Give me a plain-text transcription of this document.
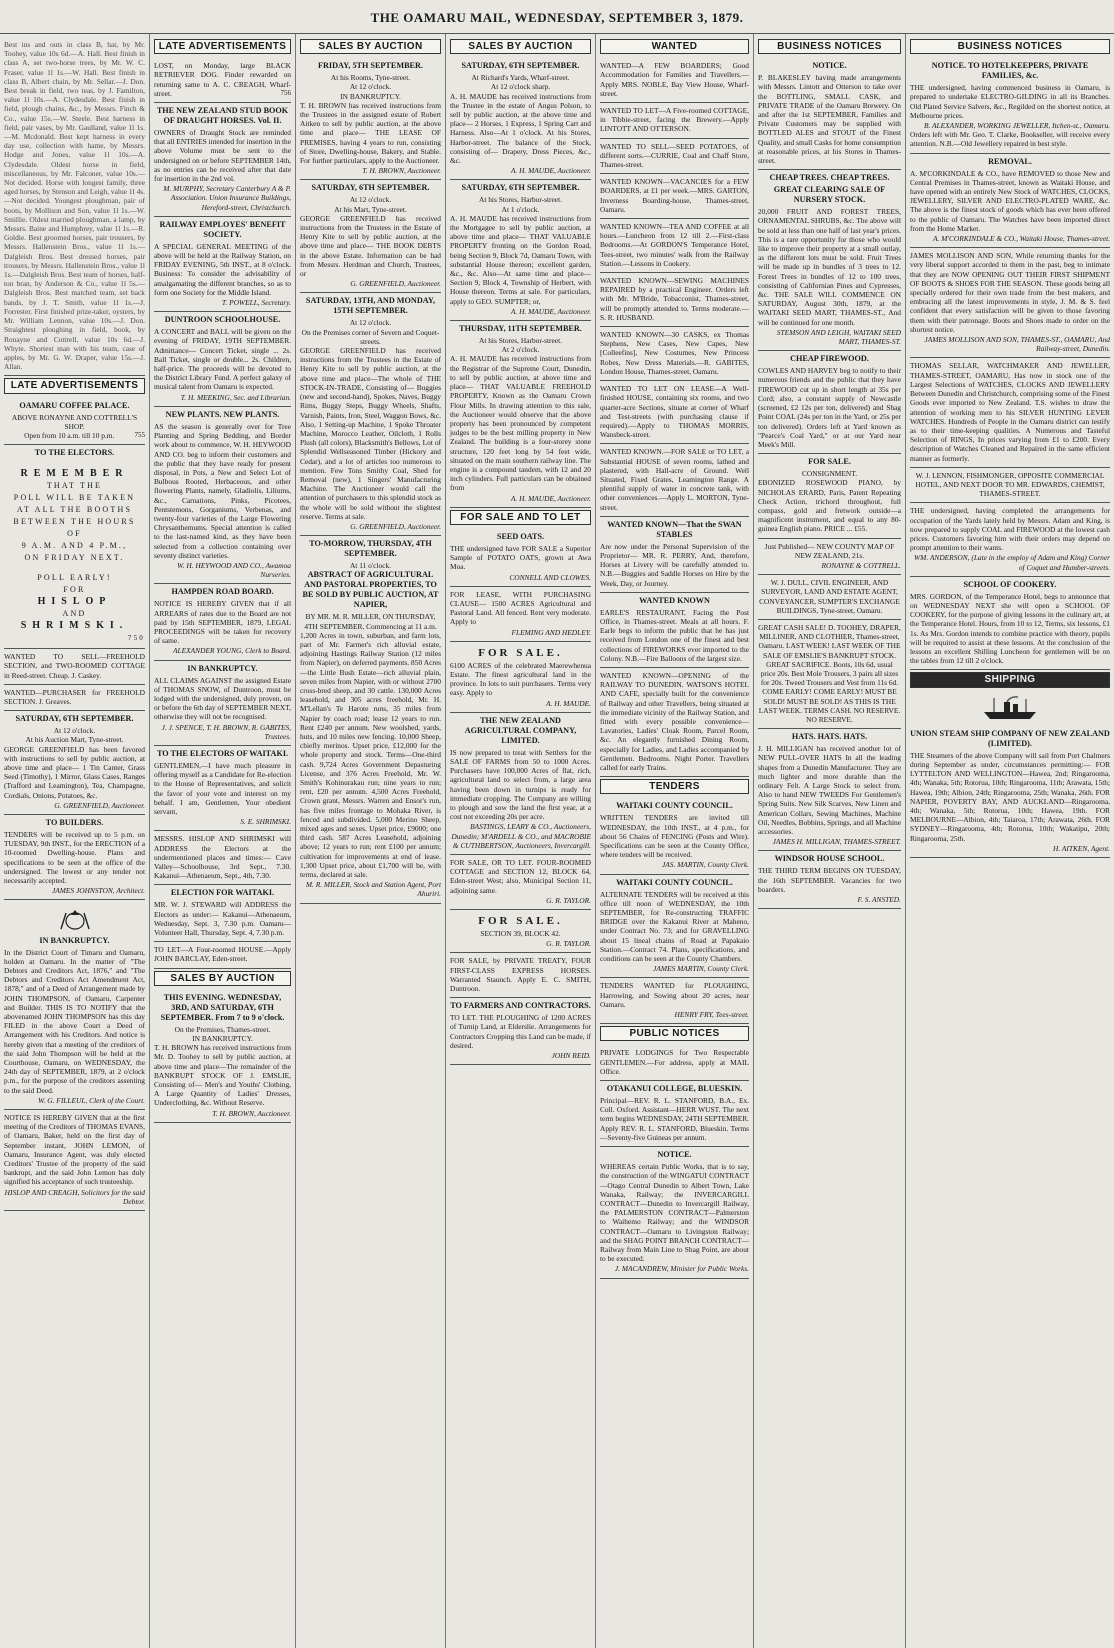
THE OAMARU MAIL, WEDNESDAY, SEPTEMBER 3, 1879.
Best ins and outs in class B, hat, by Mr. Toohey, value 10s 6d.—A. Hall. Best finish in class A, set two-horse trees, by Mr. W. C. Fraser, value 1l 1s.—W. Hall. Best finish in class B, Albert chain, by Mr. Sellar.—J. Don. Best break in field, two teas, by J. Familton, value 1l 10s.—A. Clydesdale. Best finish in field, plough chains, &c., by Messrs. Finch & Co., value 15s.—W. Steele. Best harness in field, pair vases, by Mr. Gaulland, value 1l 1s.—M. Mcdonald. Best kept harness in every day use, collection with hame, by Messrs. Hodge and Jones, value 1l 10s.—A. Clydesdale. Oldest horse in field, miscellaneous, by Mr. Falconer, value 10s.—Not decided. Horse with longest family, three aged horses, by Stenson and Leigh, value 1l 4s.—Not decided. Youngest ploughman, pair of boots, by Mollison and Son, value 1l 1s.—W. Smillie. Oldest married ploughman, a lamp, by Messrs. Baine and Humphrey, value 1l 1s.—R. Goldie. Best groomed horses, pair trousers, by Messrs. Hallenstein Bros., value 1l 1s.—Dalgleish Bros. Best dressed horses, pair trousers, by Messrs. Hallenstein Bros., value 1l 1s.—Dalgleish Bros. Best team of horses, half-ton bran, by Anderson & Co., value 1l 5s.—Dalgleish Bros. Best matched team, set back bands, by J. T. Smith, value 1l 1s.—J. Forrester. First finished prize-taker, oysters, by Mr. William Lennon, value 10s.—J. Don. Straightest ploughing in field, book, by Ronayne and Cottrell, value 10s 6d.—J. Whyte. Shortest man with his team, case of apples, by Mr. G. W. Draper, value 15s.—J. Allan.
LATE ADVERTISEMENTS
OAMARU COFFEE PALACE.
ABOVE RONAYNE AND COTTRELL'S SHOP.
Open from 10 a.m. till 10 p.m.	755
TO THE ELECTORS.
REMEMBER
THAT THE
POLL WILL BE TAKEN
AT ALL THE BOOTHS
BETWEEN THE HOURS
OF
9 A.M. AND 4 P.M.,
ON FRIDAY NEXT.
POLL EARLY!
FOR
HISLOP
AND
SHRIMSKI.
750
WANTED TO SELL—FREEHOLD SECTION, and TWO-ROOMED COTTAGE in Reed-street. Cheap. J. Caskey.
WANTED—PURCHASER for FREEHOLD SECTION. J. Greaves.
SATURDAY, 6TH SEPTEMBER.
At 12 o'clock.
At his Auction Mart, Tyne-street.
GEORGE GREENFIELD has been favored with instructions to sell by public auction, at above time and place— 1 Tin Canter, Grass Seed (Timothy), 1 Mirror, Glass Cases, Ranges (Trafford and Leamington), Tea, Champagne, Cordials, Onions, Potatoes, &c.
G. GREENFIELD, Auctioneer.
TO BUILDERS.
TENDERS will be received up to 5 p.m. on TUESDAY, 9th INST., for the ERECTION of a 10-roomed Dwelling-house. Plans and specifications to be seen at the office of the undersigned. The lowest or any tender not necessarily accepted.
JAMES JOHNSTON, Architect.
IN BANKRUPTCY.
In the District Court of Timaru and Oamaru, holden at Oamaru. In the matter of "The Debtors and Creditors Act, 1876," and "The Debtors and Creditors Act Amendment Act, 1878," and of a Deed of Arrangement made by JOHN THOMPSON, of Oamaru, Carpenter and Builder. THIS IS TO NOTIFY that the abovenamed JOHN THOMPSON has this day FILED in the above Court a Deed of Arrangement with his Creditors. And notice is hereby given that a meeting of the creditors of the said John Thompson will be held at the Courthouse, Oamaru, on WEDNESDAY, the 24th day of SEPTEMBER, 1879, at 2 o'clock p.m., for the purpose of the creditors assenting to the said Deed.
W. G. FILLEUL, Clerk of the Court.
NOTICE IS HEREBY GIVEN that at the first meeting of the Creditors of THOMAS EVANS, of Oamaru, Baker, held on the first day of September instant, JOHN LEMON, of Oamaru, Insurance Agent, was duly elected Creditors' Trustee of the property of the said bankrupt, and the said John Lemon has duly signified his acceptance of such trusteeship.
HISLOP AND CREAGH, Solicitors for the said Debtor.
LATE ADVERTISEMENTS
LOST, on Monday, large BLACK RETRIEVER DOG. Finder rewarded on returning same to A. C. CREAGH, Wharf-street.	756
THE NEW ZEALAND STUD BOOK OF DRAUGHT HORSES. Vol. II.
OWNERS of Draught Stock are reminded that all ENTRIES intended for insertion in the above Volume must be sent to the undersigned on or before SEPTEMBER 14th, as no entries can be received after that date for insertion in the 2nd vol.
M. MURPHY, Secretary Canterbury A & P. Association. Union Insurance Buildings, Hereford-street, Christchurch.
RAILWAY EMPLOYES' BENEFIT SOCIETY.
A SPECIAL GENERAL MEETING of the above will be held at the Railway Station, on FRIDAY EVENING, 5th INST., at 8 o'clock. Business: To consider the advisability of amalgamating the different branches, so as to form one Society for the Middle Island.
T. POWELL, Secretary.
DUNTROON SCHOOLHOUSE.
A CONCERT and BALL will be given on the evening of FRIDAY, 19TH SEPTEMBER. Admittance— Concert Ticket, single ... 2s. Ball Ticket, single or double... 2s. Children, half-price. The proceeds will be devoted to the District Library Fund. A perfect galaxy of musical talent from Oamaru is expected.
T. H. MEEKING, Sec. and Librarian.
NEW PLANTS. NEW PLANTS.
AS the season is generally over for Tree Planting and Spring Bedding, and Border work about to commence, W. H. HEYWOOD AND CO. beg to inform their customers and the public that they have ready for present disposal, in Pots, a New and Select Lot of Bulbous Rooted, Herbaceous, and other flowering Plants, namely, Gladiolis, Liliums, &c., Carnations, Pinks, Picotees, Pentstemons, Gorganiums, Verbenas, and twenty-four varieties of the Large Flowering Chrysanthemums. Special attention is called to the last-named kind, as they have been selected from a collection containing over seventy distinct varieties.
W. H. HEYWOOD AND CO., Awamoa Nurseries.
HAMPDEN ROAD BOARD.
NOTICE IS HEREBY GIVEN that if all ARREARS of rates due to the Board are not paid by 15th SEPTEMBER, 1879, LEGAL PROCEEDINGS will be taken for recovery of same.
ALEXANDER YOUNG, Clerk to Board.
IN BANKRUPTCY.
ALL CLAIMS AGAINST the assigned Estate of THOMAS SNOW, of Duntroon, must be lodged with the undersigned, duly proven, on or before the 6th day of SEPTEMBER NEXT, otherwise they will not be recognised.
J. J. SPENCE, T. H. BROWN, R. GABITES, Trustees.
TO THE ELECTORS OF WAITAKI.
GENTLEMEN,—I have much pleasure in offering myself as a Candidate for Re-election to the House of Representatives, and solicit the favor of your vote and interest on my behalf. I am, Gentlemen, Your obedient servant,
S. E. SHRIMSKI.
MESSRS. HISLOP AND SHRIMSKI will ADDRESS the Electors at the undermentioned places and times:— Cave Valley—Schoolhouse, 3rd Sept., 7.30. Kakanui—Athenaeum, Sept., 4th, 7.30.
ELECTION FOR WAITAKI.
MR. W. J. STEWARD will ADDRESS the Electors as under:— Kakanui—Athenaeum, Wednesday, Sept. 3, 7.30 p.m. Oamaru—Volunteer Hall, Thursday, Sept. 4, 7.30 p.m.
TO LET—A Four-roomed HOUSE.—Apply JOHN BARCLAY, Eden-street.
SALES BY AUCTION
THIS EVENING. WEDNESDAY, 3RD, AND SATURDAY, 6TH SEPTEMBER. From 7 to 9 o'clock.
On the Premises, Thames-street.
IN BANKRUPTCY.
T. H. BROWN has received instructions from Mr. D. Toohey to sell by public auction, at above time and place—The remainder of the BANKRUPT STOCK OF J. EMSLIE, Consisting of— Men's and Youths' Clothing, A Large Quantity of Ladies' Dresses, Underclothing, &c. Without Reserve.
T. H. BROWN, Auctioneer.
SALES BY AUCTION
FRIDAY, 5TH SEPTEMBER.
At his Rooms, Tyne-street.
At 12 o'clock.
IN BANKRUPTCY.
T. H. BROWN has received instructions from the Trustees in the assigned estate of Robert Aitken to sell by public auction, at the above time and place— THE LEASE OF PREMISES, having 4 years to run, consisting of Store, Dwelling-house, Bakery, and Stable. For further particulars, apply to the Auctioneer.
T. H. BROWN, Auctioneer.
SATURDAY, 6TH SEPTEMBER.
At 12 o'clock.
At his Mart, Tyne-street.
GEORGE GREENFIELD has received instructions from the Trustees in the Estate of Henry Kite to sell by public auction, at the above time and place— THE BOOK DEBTS in the above Estate. Information can be had from Messrs. Herdman and Church, Trustees, or
G. GREENFIELD, Auctioneer.
SATURDAY, 13TH, AND MONDAY, 15TH SEPTEMBER.
At 12 o'clock.
On the Premises corner of Severn and Coquet-streets.
GEORGE GREENFIELD has received instructions from the Trustees in the Estate of Henry Kite to sell by public auction, at the above time and place—The whole of THE STOCK-IN-TRADE, Consisting of— Buggies (new and second-hand), Spokes, Naves, Buggy Rims, Buggy Steps, Buggy Wheels, Shafts, Varnish, Paints, Iron, Steel, Waggon Bows, &c. Also, 1 Setting-up Machine, 1 Spoke Throater Machine, Morocco Leather, Oilcloth, 1 Rolls Plush (all colors), Blacksmith's Bellows, Lot of Splendid Wellseasoned Timber (Hickory and Cedar), and a lot of articles too numerous to mention. Few Tons Smithy Coal, Shed for Removal (new), 1 Singers' Manufacturing Machine. The Auctioneer would call the attention of purchasers to this splendid stock as the whole will be sold without the slightest reserve. Terms at sale.
G. GREENFIELD, Auctioneer.
TO-MORROW, THURSDAY, 4TH SEPTEMBER.
At 11 o'clock.
ABSTRACT OF AGRICULTURAL AND PASTORAL PROPERTIES, TO BE SOLD BY PUBLIC AUCTION, AT NAPIER,
BY MR. M. R. MILLER, ON THURSDAY, 4TH SEPTEMBER, Commencing at 11 a.m.
1,200 Acres in town, suburban, and farm lots, part of Mr. Farmer's rich alluvial estate, adjoining Hastings Railway Station (12 miles from Napier), on deferred payments. 850 Acres—the Little Bush Estate—rich alluvial plain, seven miles from Napier, with or without 2700 cross-bred sheep, and 30 cattle. 130,000 Acres leasehold, and 305 acres freehold, Mr. H. M'Lellan's Te Harote runs, 35 miles from Napier by coach road; lease 12 years to run. Rent £240 per annum. New woolshed, yards, huts, and 10 miles new fencing. 10,000 Sheep, chiefly merinos. Upset price, £12,000 for the whole property and stock. Terms—One-third cash. 9,724 Acres Government Depasturing License, and 376 Acres Freehold, Mr. W. Smith's Kohinurakau run; nine years to run; rent, £20 per annum. 4,500 Acres Freehold, Crown grant, Messrs. Warren and Ensor's run, has five miles frontage to Mohaka River, is fenced and subdivided. 5,000 Merino Sheep, mixed ages and sexes. Upset price, £9000; one third cash. 587 Acres Leasehold, adjoining above; 12 years to run; rent £100 per annum; cultivation for improvements at end of lease. 1,300 Upset price, about £1,700 will be, with terms, declared at sale.
M. R. MILLER, Stock and Station Agent, Port Ahuriri.
SALES BY AUCTION
SATURDAY, 6TH SEPTEMBER.
At Richard's Yards, Wharf-street.
At 12 o'clock sharp.
A. H. MAUDE has received instructions from the Trustee in the estate of Angus Polson, to sell by public auction, at the above time and place— 2 Horses, 1 Express, 1 Spring Cart and Harness. Also—At 1 o'clock. At his Stores, Harbor-street. The balance of the Stock, consisting of— Drapery, Dress Pieces, &c., &c.
A. H. MAUDE, Auctioneer.
SATURDAY, 6TH SEPTEMBER.
At his Stores, Harbor-street.
At 1 o'clock.
A. H. MAUDE has received instructions from the Mortgagee to sell by public auction, at above time and place— THAT VALUABLE PROPERTY fronting on the Gordon Road, being Section 9, Block 7d, Oamaru Town, with substantial House thereon; excellent garden, &c., &c. Also—At same time and place— Section 9, Block 4, Township of Herbert, with House thereon. Terms at sale. For particulars, apply to GEO. SUMPTER; or,
A. H. MAUDE, Auctioneer.
THURSDAY, 11TH SEPTEMBER.
At his Stores, Harbor-street.
At 2 o'clock.
A. H. MAUDE has received instructions from the Registrar of the Supreme Court, Dunedin, to sell by public auction, at above time and place— THAT VALUABLE FREEHOLD PROPERTY, Known as the Oamaru Crown Flour Mills. In drawing attention to this sale, the Auctioneer would observe that the above property has been pronounced by competent judges to be the best milling property in New Zealand. The building is a four-storey stone structure, 120 feet long by 54 feet wide, situated on the main southern railway line. The engine is a compound tandem, with 12 and 20 inch cylinders. Full particulars can be obtained from
A. H. MAUDE, Auctioneer.
FOR SALE AND TO LET
SEED OATS.
THE undersigned have FOR SALE a Superior Sample of POTATO OATS, grown at Awa Moa.
CONNELL AND CLOWES.
FOR LEASE, WITH PURCHASING CLAUSE— 1500 ACRES Agricultural and Pastoral Land. All fenced. Rent very moderate. Apply to
FLEMING AND HEDLEY.
FOR SALE.
6100 ACRES of the celebrated Maerewhenua Estate. The finest agricultural land in the province. In lots to suit purchasers. Terms very easy. Apply to
A. H. MAUDE.
THE NEW ZEALAND AGRICULTURAL COMPANY, LIMITED.
IS now prepared to treat with Settlers for the SALE OF FARMS from 50 to 1000 Acres. Purchasers have 100,000 Acres of flat, rich, agricultural land to select from, a large area having been down in turnips is ready for immediate cropping. The Company are willing to plough and sow the land the first year, at a cost not exceeding 20s per acre.
BASTINGS, LEARY & CO., Auctioneers, Dunedin; M'ARDELL & CO., and MACROBIE & CUTHBERTSON, Auctioneers, Invercargill.
FOR SALE, OR TO LET. FOUR-ROOMED COTTAGE and SECTION 12, BLOCK 64, Eden-street West; also, Municipal Section 11, adjoining same.
G. R. TAYLOR.
FOR SALE.
SECTION 39, BLOCK 42.
G. R. TAYLOR.
FOR SALE, by PRIVATE TREATY, FOUR FIRST-CLASS EXPRESS HORSES. Warranted Staunch. Apply E. C. SMITH, Duntroon.
TO FARMERS AND CONTRACTORS.
TO LET. THE PLOUGHING of 1200 ACRES of Turnip Land, at Elderslie. Arrangements for Contractors Cropping this Land can be made, if desired.
JOHN REID.
WANTED
WANTED—A FEW BOARDERS; Good Accommodation for Families and Travellers.—Apply MRS. NOBLE, Bay View House, Wharf-street.
WANTED TO LET—A Five-roomed COTTAGE, in Tibbie-street, facing the Brewery.—Apply LINTOTT AND OTTERSON.
WANTED TO SELL—SEED POTATOES, of different sorts.—CURRIE, Coal and Chaff Store, Thames-street.
WANTED KNOWN—VACANCIES for a FEW BOARDERS, at £1 per week.—MRS. GARTON, Inverness Boarding-house, Thames-street, Oamaru.
WANTED KNOWN—TEA AND COFFEE at all hours.—Luncheon from 12 till 2.—First-class Bedrooms.—At GORDON'S Temperance Hotel, Tees-street, two minutes' walk from the Railway Station.—Lessons in Cookery.
WANTED KNOWN—SEWING MACHINES REPAIRED by a practical Engineer. Orders left with Mr. M'Bride, Tobacconist, Thames-street, will be promptly attended to. Terms moderate.—S. R. HUSBAND.
WANTED KNOWN—30 CASKS, ex Thomas Stephens, New Cases, New Capes, New [Colleefins], New Costumes, New Princess Robes, New Dress Materials.—R. GABITES, London House, Thames-street, Oamaru.
WANTED TO LET ON LEASE—A Well-finished HOUSE, containing six rooms, and two quarter-acre Sections, situate at corner of Wharf and Test-streets (with purchasing clause if required).—Apply to THOMAS MORRIS, Wansbeck-street.
WANTED KNOWN.—FOR SALE or TO LET, a Substantial HOUSE of seven rooms, lathed and plastered, with Hall-acre of Ground. Well Situated, Fixed Grates, Leamington Range. A plentiful supply of water in concrete tank, with other conveniences.—Apply L. MORTON, Tyne-street.
WANTED KNOWN—That the SWAN STABLES
Are now under the Personal Supervision of the Proprietor— MR. R. PERRY, And, therefore, Horses at Livery will be carefully attended to. N.B.—Buggies and Saddle Horses on Hire by the Week, Day, or Journey.
WANTED KNOWN
EARLE'S RESTAURANT, Facing the Post Office, in Thames-street. Meals at all hours. F. Earle begs to inform the public that he has just received from London one of the finest and best collections of FIREWORKS ever imported to the Colony. N.B.—Fire Balloons of the largest size.
WANTED KNOWN—OPENING of the RAILWAY TO DUNEDIN. WATSON'S HOTEL AND CAFE, specially built for the convenience of Railway and other Travellers, being situated at the immediate vicinity of the Railway Station, and fitted with every possible convenience—Lavatories, Ladies' Cloak Room, Parcel Room, &c. An elegantly furnished Dining Room, especially for Ladies, and Ladies accompanied by Gentlemen. Bedrooms. Night Porter. Travellers called for early Trains.
TENDERS
WAITAKI COUNTY COUNCIL.
WRITTEN TENDERS are invited till WEDNESDAY, the 10th INST., at 4 p.m., for about 56 Chains of FENCING (Posts and Wire). Specifications can be seen at the County Office, where tenders will be received.
JAS. MARTIN, County Clerk.
WAITAKI COUNTY COUNCIL.
ALTERNATE TENDERS will be received at this office till noon of WEDNESDAY, the 10th SEPTEMBER, for Re-constructing TRAFFIC BRIDGE over the Kakanui River at Maheno, under Contract No. 73; and for GRAVELLING about 15 lineal chains of Road at Papakaio Station.—Contract 74. Plans, specifications, and conditions can be seen at the County Chambers.
JAMES MARTIN, County Clerk.
TENDERS WANTED for PLOUGHING, Harrowing, and Sowing about 20 acres, near Oamaru.
HENRY FRY, Tees-street.
PUBLIC NOTICES
PRIVATE LODGINGS for Two Respectable GENTLEMEN.—For address, apply at MAIL Office.
OTAKANUI COLLEGE, BLUESKIN.
Principal—REV. R. L. STANFORD, B.A., Ex. Coll. Oxford. Assistant—HERR WUST. The next term begins WEDNESDAY, 24TH SEPTEMBER. Apply REV. R. L. STANFORD, Blueskin. Terms—Seventy-five Guineas per annum.
NOTICE.
WHEREAS certain Public Works, that is to say, the construction of the WINGATUI CONTRACT—Otago Central Dunedin to Albert Town, Lake Wanaka, Railway; the INVERCARGILL CONTRACT—Dunedin to Invercargill Railway, the PALMERSTON CONTRACT—Palmerston to Waihemo Railway; and the WINDSOR CONTRACT—Oamaru to Livingston Railway; and the SHAG POINT BRANCH CONTRACT—Railway from Main Line to Shag Point, are about to be executed.
J. MACANDREW, Minister for Public Works.
BUSINESS NOTICES
NOTICE.
P. BLAKESLEY having made arrangements with Messrs. Lintott and Otterson to take over the BOTTLING, SMALL CASK, and PRIVATE TRADE of the Oamaru Brewery. On and after the 1st SEPTEMBER, Families and Private Customers may be supplied with BOTTLED ALES and STOUT of the Finest Quality, and small Casks for home consumption at reasonable prices, at his Stores in Thames-street.
CHEAP TREES. CHEAP TREES.
GREAT CLEARING SALE OF NURSERY STOCK.
20,000 FRUIT AND FOREST TREES, ORNAMENTAL SHRUBS, &c. The above will be sold at less than one half of last year's prices. This is a rare opportunity for those who would like to improve their property at a small outlay, as the different lots must be sold. Fruit Trees will be made up in bundles of 3 trees to 12. Forest Trees in bundles of 12 to 100 trees, consisting of Californian Pines and Cypresses, &c. THE SALE WILL COMMENCE ON SATURDAY, August 30th, 1879, at the WAITAKI SEED MART, THAMES-ST., And will be continued for one month.
STEMSON AND LEIGH, WAITAKI SEED MART, THAMES-ST.
CHEAP FIREWOOD.
COWLES AND HARVEY beg to notify to their numerous friends and the public that they have FIREWOOD cut up in short length at 35s per Cord; also, a constant supply of Newcastle (screened, £2 12s per ton, delivered) and Shag Point COAL (24s per ton in the Yard, or 25s per ton delivered). Orders left at Yard known as "Pearce's Coal Yard," or at our Yard near Meek's Mill.
FOR SALE.
CONSIGNMENT.
EBONIZED ROSEWOOD PIANO, by NICHOLAS ERARD, Paris, Patent Repeating Check Action, trichord throughout, full compass, gold and fretwork outside—a magnificent instrument, and equal to any 80-guinea English piano. PRICE ... £55.
Just Published— NEW COUNTY MAP OF NEW ZEALAND, 21s.
RONAYNE & COTTRELL.
W. J. DULL, CIVIL ENGINEER, AND SURVEYOR, LAND AND ESTATE AGENT, CONVEYANCER, SUMPTER'S EXCHANGE BUILDINGS, Tyne-street, Oamaru.
GREAT CASH SALE! D. TOOHEY, DRAPER, MILLINER, AND CLOTHIER, Thames-street, Oamaru. LAST WEEK! LAST WEEK OF THE SALE OF EMSLIE'S BANKRUPT STOCK. GREAT SACRIFICE. Boots, 10s 6d, usual price 20s. Best Mole Trousers, 3 pairs all sizes for 20s. Tweed Trousers and Vest from 11s 6d. COME EARLY! COME EARLY! MUST BE SOLD! MUST BE SOLD! AS THIS IS THE LAST WEEK. TERMS CASH. NO RESERVE. NO RESERVE.
HATS. HATS. HATS.
J. H. MILLIGAN has received another lot of NEW PULL-OVER HATS In all the leading shapes from a Dunedin Manufacturer. They are much lighter and more durable than the ordinary Felt. A Large Stock to select from. Also to hand NEW TWEEDS For Gentlemen's Spring Suits. New Silk Scarves, New Linen and American Collars, Sewing Machines, Machine Oil, Needles, Bobbins, Springs, and all Machine accessories.
JAMES H. MILLIGAN, THAMES-STREET.
WINDSOR HOUSE SCHOOL.
THE THIRD TERM BEGINS ON TUESDAY, the 16th SEPTEMBER. Vacancies for two boarders.
F. S. ANSTED.
BUSINESS NOTICES
NOTICE. TO HOTELKEEPERS, PRIVATE FAMILIES, &c.
THE undersigned, having commenced business in Oamaru, is prepared to undertake ELECTRO-GILDING in all its Branches. Old Plated Service Salvers, &c., Regilded on the shortest notice, at Melbourne prices.
B. ALEXANDER, WORKING JEWELLER, Itchen-st., Oamaru.
Orders left with Mr. Geo. T. Clarke, Bookseller, will receive every attention. N.B.—Old Jewellery repaired in best style.
REMOVAL.
A. M'CORKINDALE & CO., have REMOVED to those New and Central Premises in Thames-street, known as Waitaki House, and have opened with an entirely New Stock of WATCHES, CLOCKS, JEWELLERY, SILVER AND ELECTRO-PLATED WARE, &c. The above is the finest stock of goods which has ever been offered to the public of Oamaru. The Watches have been imported direct from the Home Market.
A. M'CORKINDALE & CO., Waitaki House, Thames-street.
JAMES MOLLISON AND SON, While returning thanks for the very liberal support accorded to them in the past, beg to intimate that they are NOW OPENING OUT THEIR FIRST SHIPMENT OF BOOTS & SHOES FOR THE SEASON. These goods being all specially ordered for their own trade from the best makers, and embracing all the latest improvements in style, J. M. & S. feel confident that every satisfaction will be given to those favoring them with their patronage. Boots and Shoes made to order on the shortest notice.
JAMES MOLLISON AND SON, THAMES-ST., OAMARU, And Railway-street, Dunedin.
THOMAS SELLAR, WATCHMAKER AND JEWELLER, THAMES-STREET, OAMARU, Has now in stock one of the Largest Selections of WATCHES, CLOCKS AND JEWELLERY Between Dunedin and Christchurch, comprising some of the Finest Goods ever imported to New Zealand. T.S. wishes to draw the attention of working men to his SILVER HUNTING LEVER WATCHES. Hundreds of People in the Oamaru district can testify as to their time-keeping qualities. A Numerous and Tasteful Selection of RINGS, In prices varying from £1 to £200. Every description of Watches Cleaned and Repaired in the same efficient manner as formerly.
W. J. LENNON, FISHMONGER, OPPOSITE COMMERCIAL HOTEL, AND NEXT DOOR TO MR. EDWARDS, CHEMIST, THAMES-STREET.
THE undersigned, having completed the arrangements for occupation of the Yards lately held by Messrs. Adam and King, is now prepared to supply COAL and FIREWOOD at the lowest cash prices. Customers favoring him with their orders may depend on prompt attention to their wants.
WM. ANDERSON, (Late in the employ of Adam and King) Corner of Coquet and Humber-streets.
SCHOOL OF COOKERY.
MRS. GORDON, of the Temperance Hotel, begs to announce that on WEDNESDAY NEXT she will open a SCHOOL OF COOKERY, for the purpose of giving lessons in the culinary art, at the Temperance Hotel. Hours, from 10 to 12, Terms, six lessons, £1 1s. As Mrs. Gordon intends to combine practice with theory, pupils will be required to assist at these lessons. At the conclusion of the lessons an excellent Shilling Luncheon for gentlemen will be on the tables from 12 till 2 o'clock.
SHIPPING
UNION STEAM SHIP COMPANY OF NEW ZEALAND (LIMITED).
THE Steamers of the above Company will sail from Port Chalmers during September as under, circumstances permitting:— FOR LYTTELTON AND WELLINGTON—Hawea, 2nd; Ringarooma, 4th; Wanaka, 5th; Rotorua, 10th; Ringarooma, 11th; Arawata, 15th; Hawea, 19th; Albion, 24th; Ringarooma, 25th; Wanaka, 26th. FOR NAPIER, POVERTY BAY, AND AUCKLAND—Ringarooma, 4th; Wanaka, 5th; Rotorua, 10th; Hawea, 19th. FOR MELBOURNE—Albion, 4th; Taiaroa, 17th; Arawata, 26th. FOR SYDNEY—Ringarooma, 4th; Rotorua, 10th; Wakatipu, 20th; Ringarooma, 25th.
H. AITKEN, Agent.
